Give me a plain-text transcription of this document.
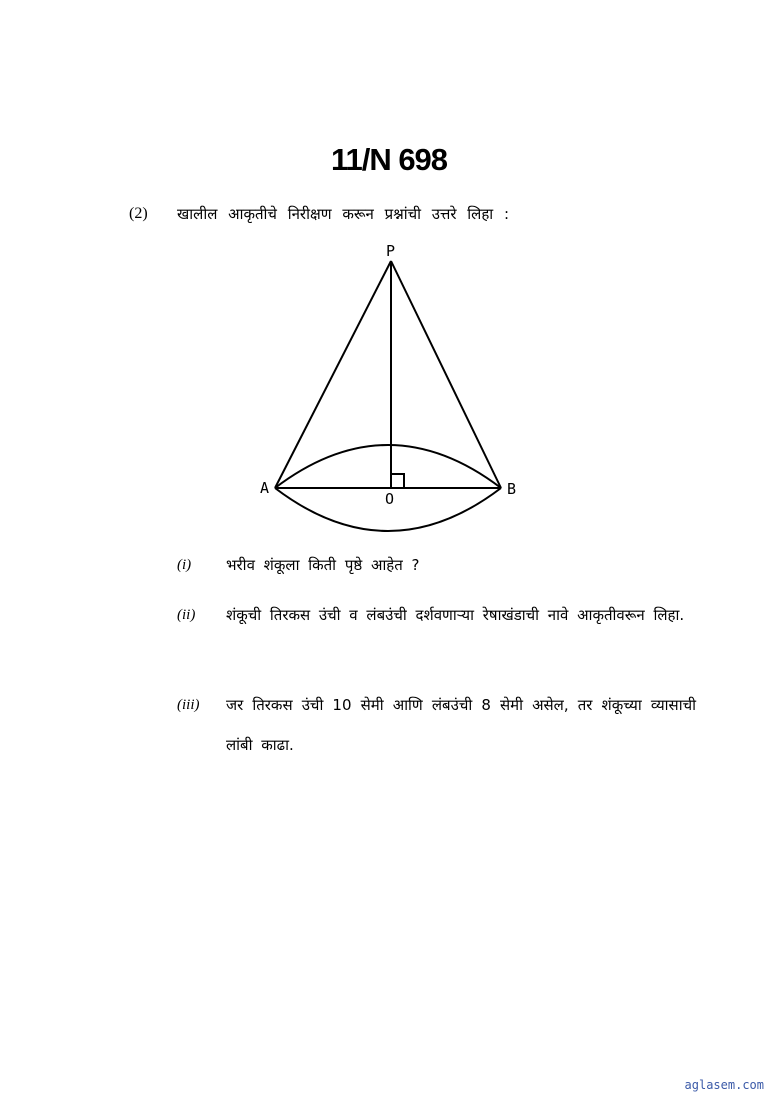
11/N 698
(2) खालील आकृतीचे निरीक्षण करून प्रश्नांची उत्तरे लिहा :
P
A	B
O
(i) भरीव शंकूला किती पृष्ठे आहेत ?
(ii) शंकूची तिरकस उंची व लंबउंची दर्शवणाऱ्या रेषाखंडाची नावे आकृतीवरून लिहा.
(iii) जर तिरकस उंची 10 सेमी आणि लंबउंची 8 सेमी असेल, तर शंकूच्या व्यासाची लांबी काढा.
aglasem.com
